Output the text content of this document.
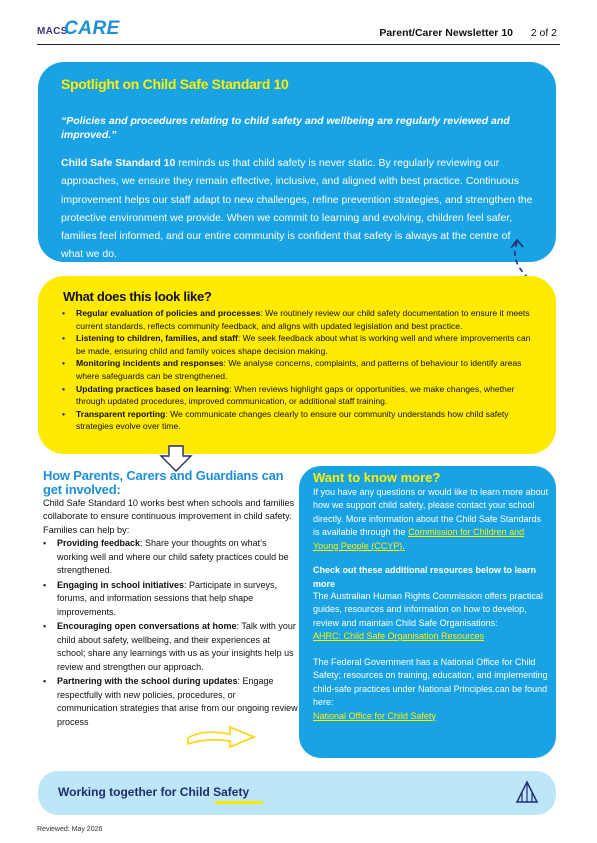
MACS
CARE	Parent/Carer Newsletter 10 2 of 2
Spotlight on Child Safe Standard 10
“Policies and procedures relating to child safety and wellbeing are regularly reviewed and improved.”
Child Safe Standard 10 reminds us that child safety is never static. By regularly reviewing our approaches, we ensure they remain effective, inclusive, and aligned with best practice. Continuous improvement helps our staff adapt to new challenges, refine prevention strategies, and strengthen the protective environment we provide. When we commit to learning and evolving, children feel safer, families feel informed, and our entire community is confident that safety is always at the centre of what we do.
What does this look like?
• Regular evaluation of policies and processes: We routinely review our child safety documentation to ensure it meets current standards, reflects community feedback, and aligns with updated legislation and best practice.
• Listening to children, families, and staff: We seek feedback about what is working well and where improvements can be made, ensuring child and family voices shape decision making.
• Monitoring incidents and responses: We analyse concerns, complaints, and patterns of behaviour to identify areas where safeguards can be strengthened.
• Updating practices based on learning: When reviews highlight gaps or opportunities, we make changes, whether through updated procedures, improved communication, or additional staff training.
• Transparent reporting: We communicate changes clearly to ensure our community understands how child safety strategies evolve over time.
How Parents, Carers and Guardians can get involved:
Child Safe Standard 10 works best when schools and families collaborate to ensure continuous improvement in child safety. Families can help by:
• Providing feedback: Share your thoughts on what’s working well and where our child safety practices could be strengthened.
• Engaging in school initiatives: Participate in surveys, forums, and information sessions that help shape improvements.
• Encouraging open conversations at home: Talk with your child about safety, wellbeing, and their experiences at school; share any learnings with us as your insights help us review and strengthen our approach.
• Partnering with the school during updates: Engage respectfully with new policies, procedures, or communication strategies that arise from our ongoing review process
Want to know more?
If you have any questions or would like to learn more about how we support child safety, please contact your school directly. More information about the Child Safe Standards is available through the Commission for Children and Young People (CCYP).
Check out these additional resources below to learn more
The Australian Human Rights Commission offers practical guides, resources and information on how to develop, review and maintain Child Safe Organisations:
AHRC: Child Safe Organisation Resources
The Federal Government has a National Office for Child Safety; resources on training, education, and implementing child-safe practices under National Principles.can be found here:
National Office for Child Safety
Working together for Child Safety
Reviewed: May 2026
